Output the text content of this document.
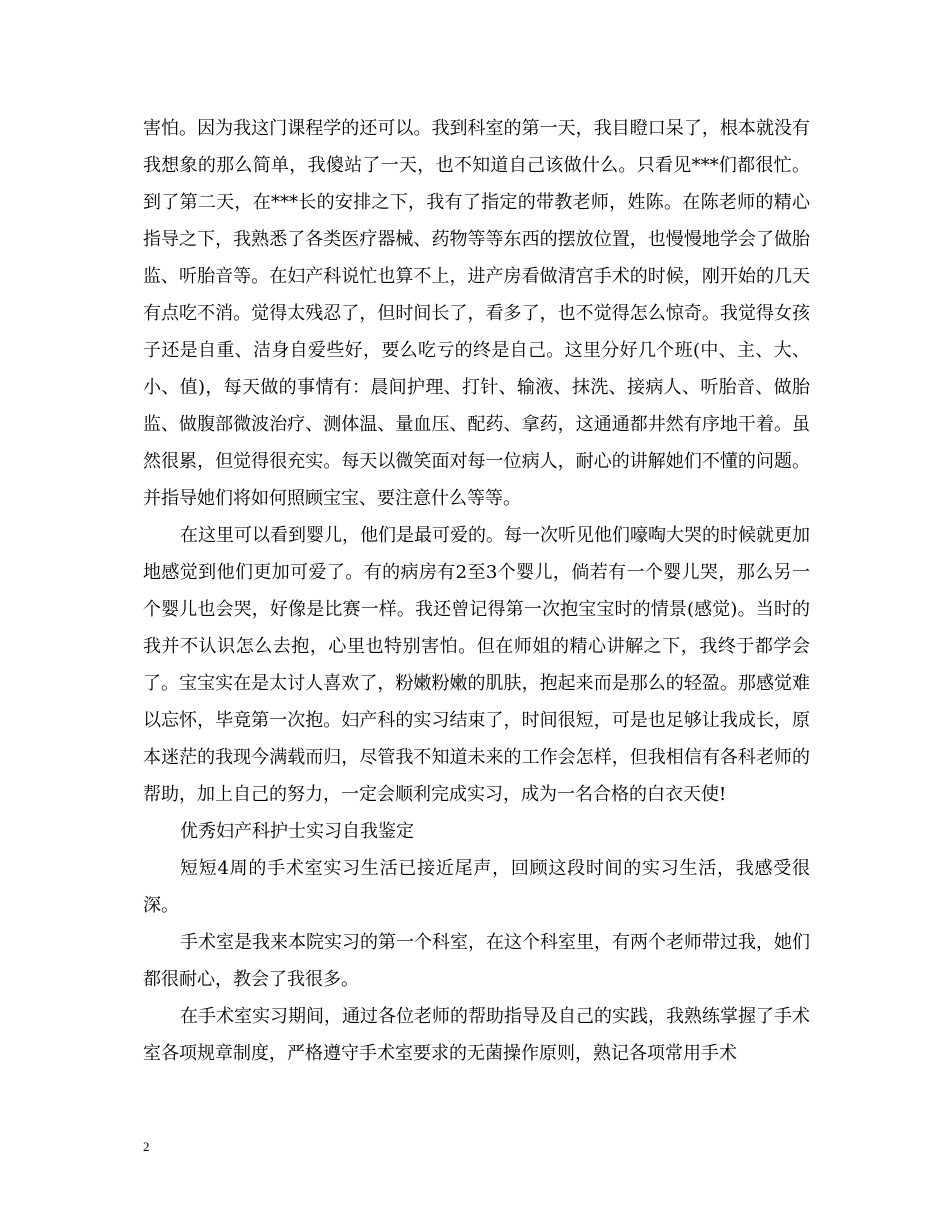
害怕。因为我这门课程学的还可以。我到科室的第一天，我目瞪口呆了，根本就没有我想象的那么简单，我傻站了一天，也不知道自己该做什么。只看见***们都很忙。到了第二天，在***长的安排之下，我有了指定的带教老师，姓陈。在陈老师的精心指导之下，我熟悉了各类医疗器械、药物等等东西的摆放位置，也慢慢地学会了做胎监、听胎音等。在妇产科说忙也算不上，进产房看做清宫手术的时候，刚开始的几天有点吃不消。觉得太残忍了，但时间长了，看多了，也不觉得怎么惊奇。我觉得女孩子还是自重、洁身自爱些好，要么吃亏的终是自己。这里分好几个班(中、主、大、小、值)，每天做的事情有：晨间护理、打针、输液、抹洗、接病人、听胎音、做胎监、做腹部微波治疗、测体温、量血压、配药、拿药，这通通都井然有序地干着。虽然很累，但觉得很充实。每天以微笑面对每一位病人，耐心的讲解她们不懂的问题。并指导她们将如何照顾宝宝、要注意什么等等。

在这里可以看到婴儿，他们是最可爱的。每一次听见他们嚎啕大哭的时候就更加地感觉到他们更加可爱了。有的病房有2至3个婴儿，倘若有一个婴儿哭，那么另一个婴儿也会哭，好像是比赛一样。我还曾记得第一次抱宝宝时的情景(感觉)。当时的我并不认识怎么去抱，心里也特别害怕。但在师姐的精心讲解之下，我终于都学会了。宝宝实在是太讨人喜欢了，粉嫩粉嫩的肌肤，抱起来而是那么的轻盈。那感觉难以忘怀，毕竟第一次抱。妇产科的实习结束了，时间很短，可是也足够让我成长，原本迷茫的我现今满载而归，尽管我不知道未来的工作会怎样，但我相信有各科老师的帮助，加上自己的努力，一定会顺利完成实习，成为一名合格的白衣天使!

优秀妇产科护士实习自我鉴定

短短4周的手术室实习生活已接近尾声，回顾这段时间的实习生活，我感受很深。

手术室是我来本院实习的第一个科室，在这个科室里，有两个老师带过我，她们都很耐心，教会了我很多。

在手术室实习期间，通过各位老师的帮助指导及自己的实践，我熟练掌握了手术室各项规章制度，严格遵守手术室要求的无菌操作原则，熟记各项常用手术

2
